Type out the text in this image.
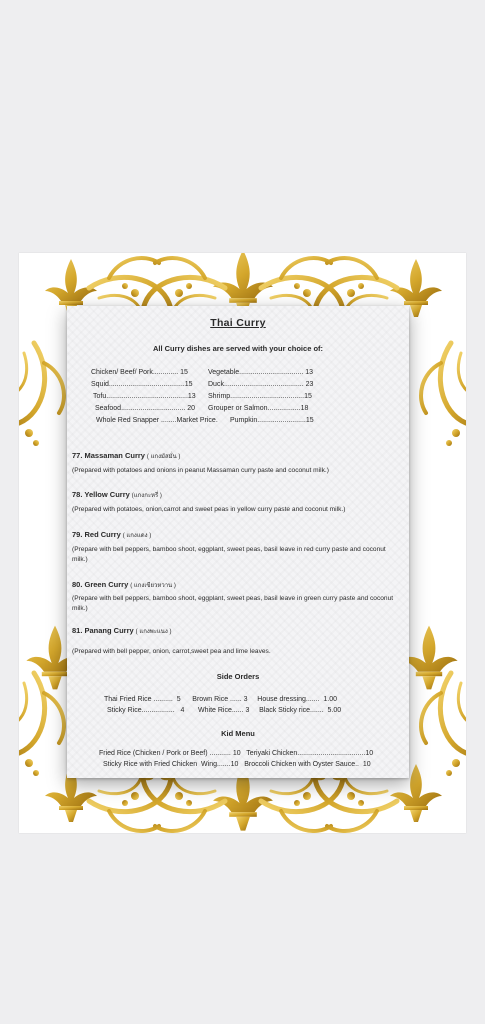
Thai Curry
All Curry dishes are served with your choice of:
Chicken/ Beef/ Pork............. 15
Squid.......................................15
Tofu..........................................13
Seafood................................. 20
Whole Red Snapper ........Market Price.
Vegetable................................. 13
Duck......................................... 23
Shrimp......................................15
Grouper or Salmon.................18
Pumpkin.........................15
77. Massaman Curry ( แกงมัสมั่น )
(Prepared with potatoes and onions in peanut Massaman curry paste and coconut milk.)
78. Yellow Curry (แกงกะหรี่ )
(Prepared with potatoes, onion,carrot and sweet peas in yellow curry paste and coconut milk.)
79. Red Curry ( แกงแดง )
(Prepare with bell peppers, bamboo shoot, eggplant, sweet peas, basil leave in red curry paste and coconut milk.)
80. Green Curry ( แกงเขียวหวาน )
(Prepare with bell peppers, bamboo shoot, eggplant, sweet peas, basil leave in green curry paste and coconut milk.)
81. Panang Curry ( แกงพะแนง )
(Prepared with bell pepper, onion, carrot,sweet pea and lime leaves.
Side Orders
Thai Fried Rice ..........  5      Brown Rice ...... 3     House dressing.......  1.00
Sticky Rice.................   4       White Rice...... 3     Black Sticky rice.......  5.00
Kid Menu
Fried Rice (Chicken / Pork or Beef) ........... 10   Teriyaki Chicken...................................10
Sticky Rice with Fried Chicken  Wing.......10   Broccoli Chicken with Oyster Sauce..  10
